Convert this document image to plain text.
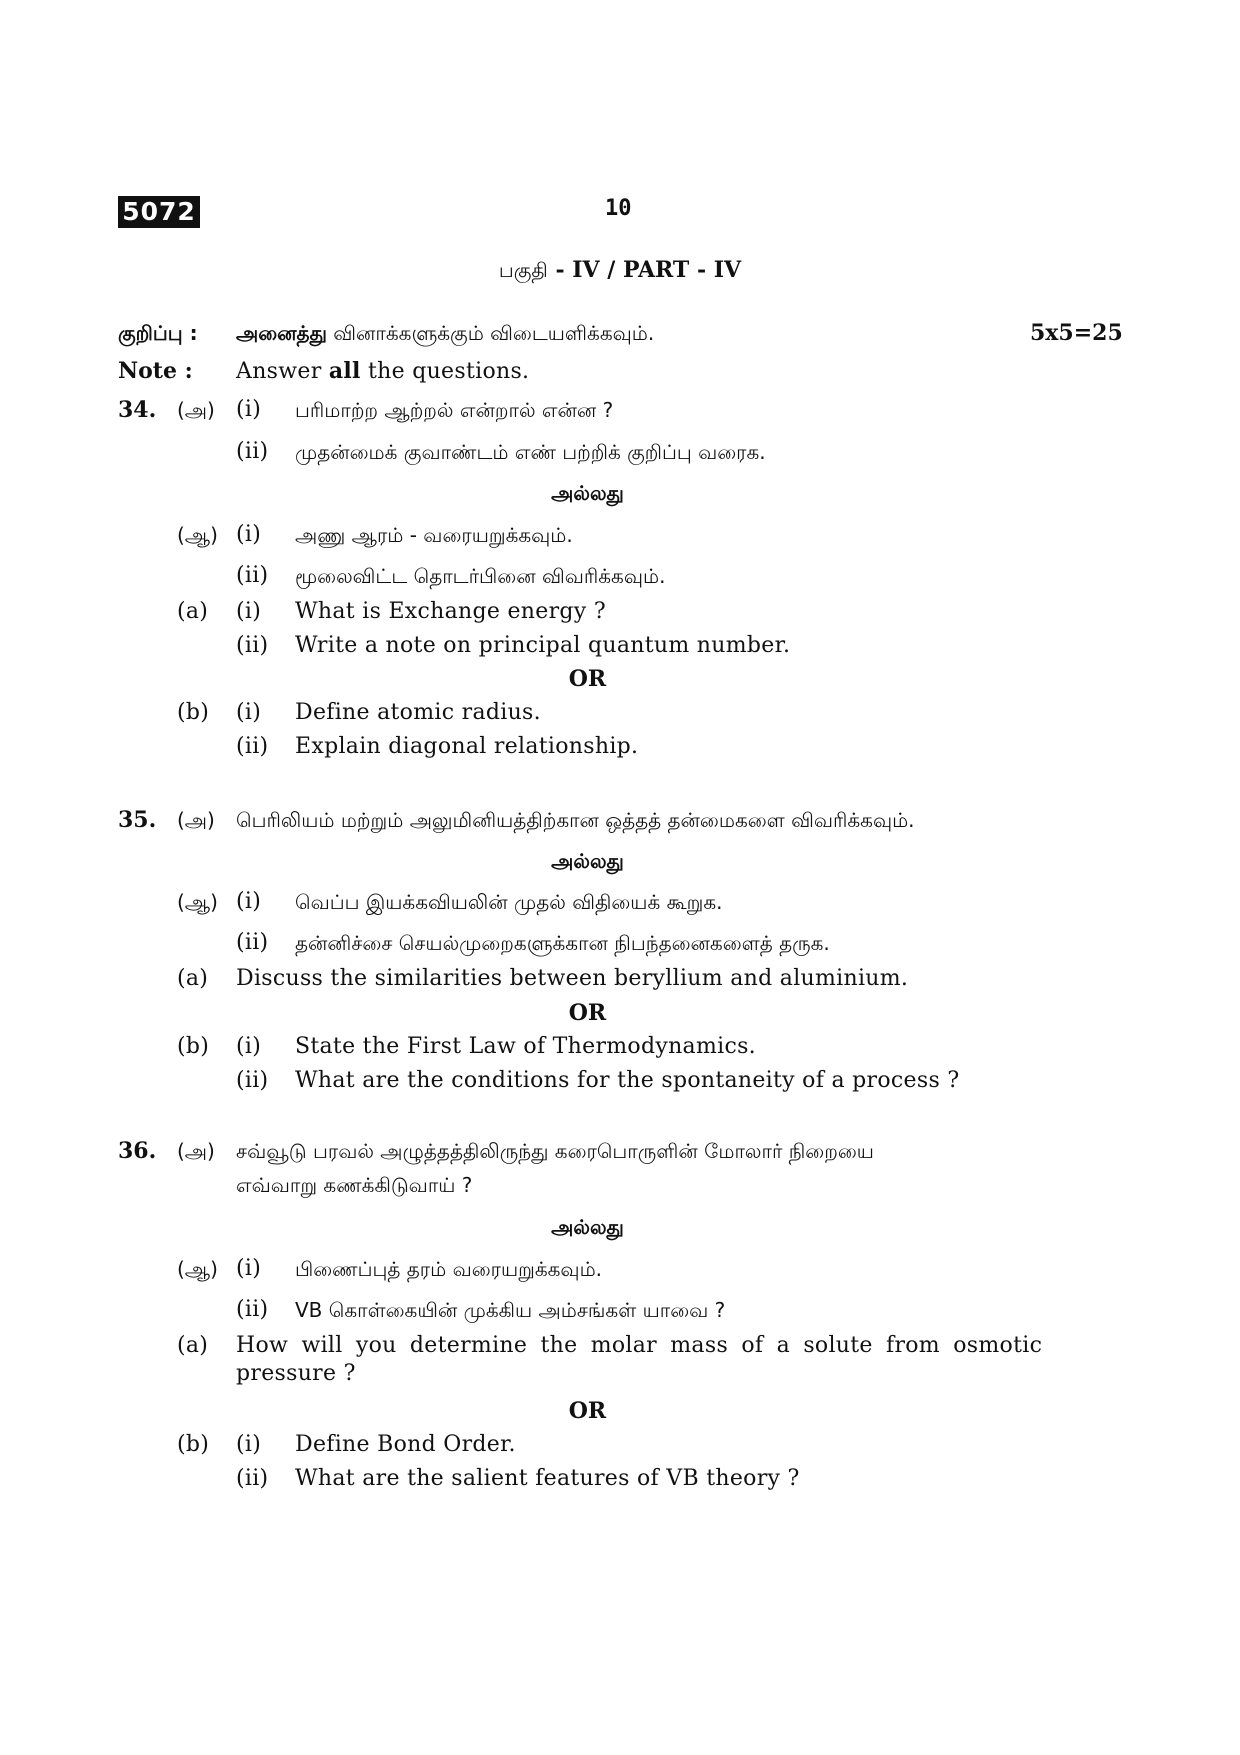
5072	10
பகுதி - IV / PART - IV
குறிப்பு : அனைத்து வினாக்களுக்கும் விடையளிக்கவும்.	5x5=25
Note : Answer all the questions.
34. (அ) (i) பரிமாற்ற ஆற்றல் என்றால் என்ன ?
(ii) முதன்மைக் குவாண்டம் எண் பற்றிக் குறிப்பு வரைக.
அல்லது
(ஆ) (i) அணு ஆரம் - வரையறுக்கவும்.
(ii) மூலைவிட்ட தொடர்பினை விவரிக்கவும்.
(a) (i) What is Exchange energy ?
(ii) Write a note on principal quantum number.
OR
(b) (i) Define atomic radius.
(ii) Explain diagonal relationship.
35. (அ) பெரிலியம் மற்றும் அலுமினியத்திற்கான ஒத்தத் தன்மைகளை விவரிக்கவும்.
அல்லது
(ஆ) (i) வெப்ப இயக்கவியலின் முதல் விதியைக் கூறுக.
(ii) தன்னிச்சை செயல்முறைகளுக்கான நிபந்தனைகளைத் தருக.
(a) Discuss the similarities between beryllium and aluminium.
OR
(b) (i) State the First Law of Thermodynamics.
(ii) What are the conditions for the spontaneity of a process ?
36. (அ) சவ்வூடு பரவல் அழுத்தத்திலிருந்து கரைபொருளின் மோலார் நிறையை
எவ்வாறு கணக்கிடுவாய் ?
அல்லது
(ஆ) (i) பிணைப்புத் தரம் வரையறுக்கவும்.
(ii) VB கொள்கையின் முக்கிய அம்சங்கள் யாவை ?
(a) How will you determine the molar mass of a solute from osmotic
pressure ?
OR
(b) (i) Define Bond Order.
(ii) What are the salient features of VB theory ?
